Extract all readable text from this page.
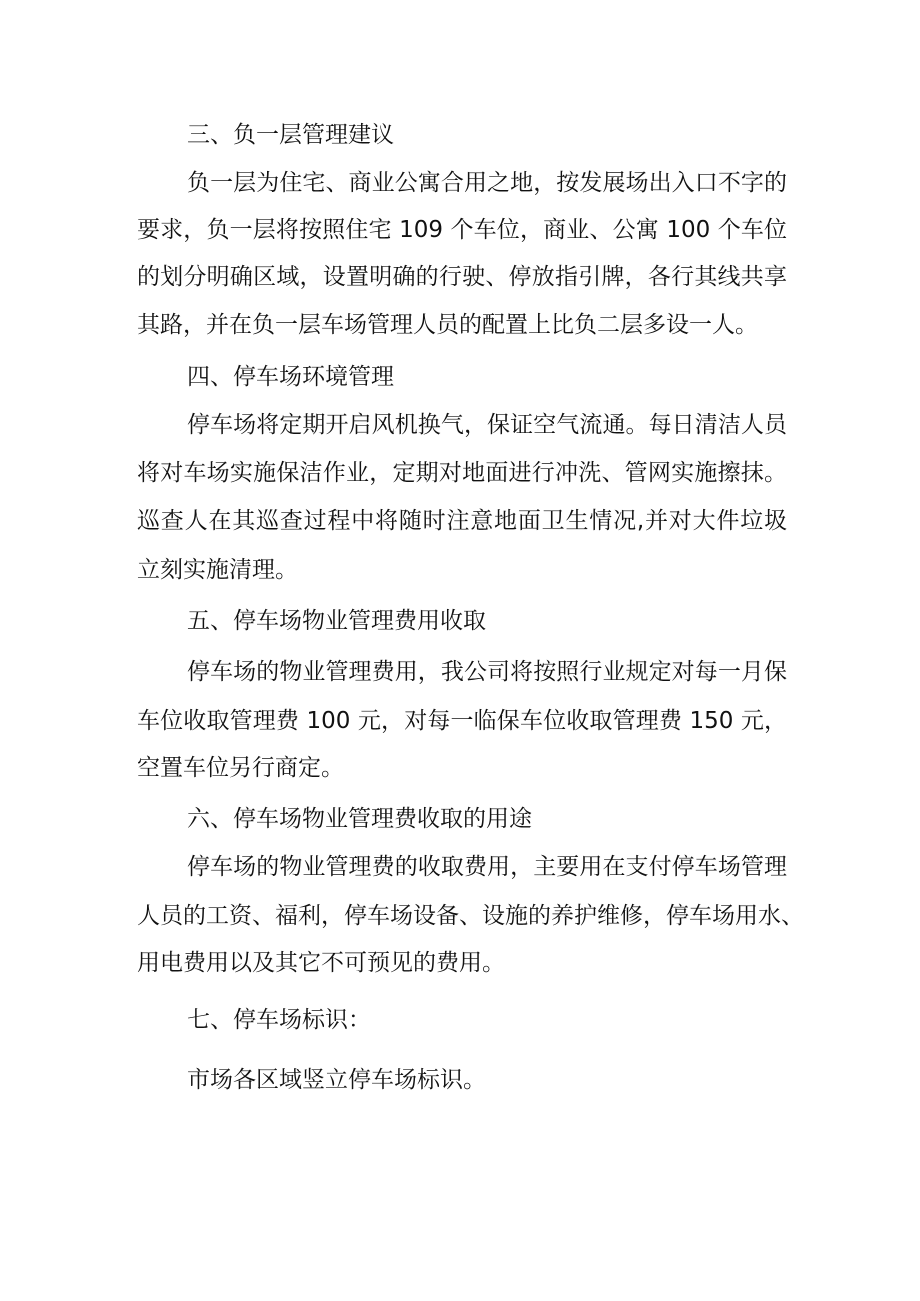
三、负一层管理建议
负一层为住宅、商业公寓合用之地，按发展场出入口不字的
要求，负一层将按照住宅 109 个车位，商业、公寓 100 个车位
的划分明确区域，设置明确的行驶、停放指引牌，各行其线共享
其路，并在负一层车场管理人员的配置上比负二层多设一人。
四、停车场环境管理
停车场将定期开启风机换气，保证空气流通。每日清洁人员
将对车场实施保洁作业，定期对地面进行冲洗、管网实施擦抹。
巡查人在其巡查过程中将随时注意地面卫生情况,并对大件垃圾
立刻实施清理。
五、停车场物业管理费用收取
停车场的物业管理费用，我公司将按照行业规定对每一月保
车位收取管理费 100 元，对每一临保车位收取管理费 150 元，
空置车位另行商定。
六、停车场物业管理费收取的用途
停车场的物业管理费的收取费用，主要用在支付停车场管理
人员的工资、福利，停车场设备、设施的养护维修，停车场用水、
用电费用以及其它不可预见的费用。
七、停车场标识：
市场各区域竖立停车场标识。
